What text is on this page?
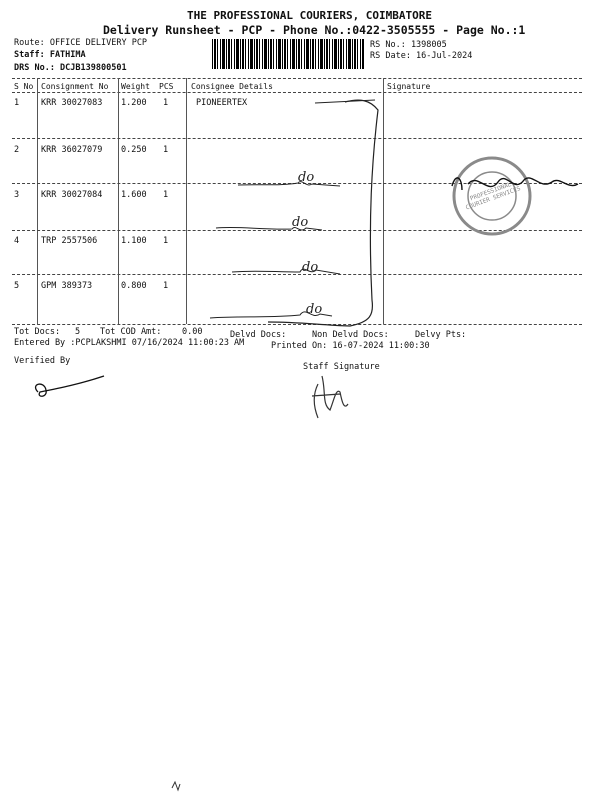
THE PROFESSIONAL COURIERS, COIMBATORE
Delivery Runsheet - PCP - Phone No.:0422-3505555 - Page No.:1
Route: OFFICE DELIVERY PCP
Staff: FATHIMA
DRS No.: DCJB139800501
RS No.: 1398005
RS Date: 16-Jul-2024
S No Consignment No Weight PCS Consignee Details	Signature
1	KRR 30027083 1.200 1	PIONEERTEX
2	KRR 36027079 0.250 1
3	KRR 30027084 1.600 1
4	TRP 2557506	1.100 1
5	GPM 389373	0.800 1
Tot Docs: 5 Tot COD Amt: 0.00	Delvd Docs:	Non Delvd Docs:	Delvy Pts:
Entered By :PCPLAKSHMI 07/16/2024 11:00:23 AM	Printed On: 16-07-2024 11:00:30
Verified By
Staff Signature
do
do
do
do
PROFESSIONAL COURIER SERVICES
